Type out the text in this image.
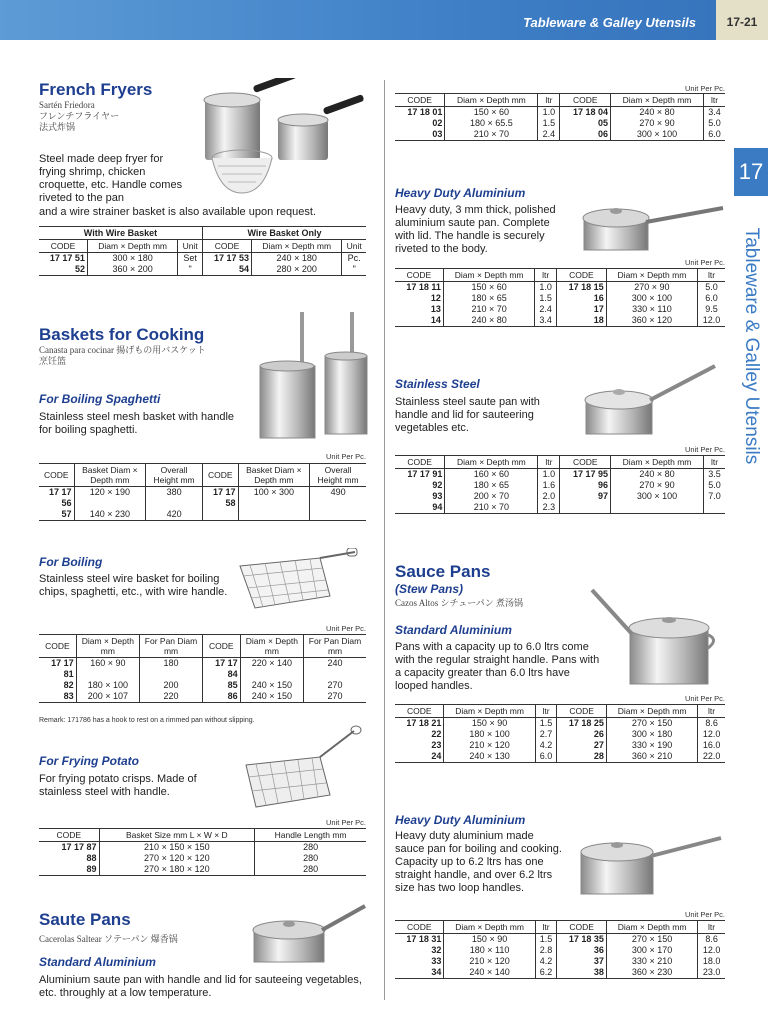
Tableware & Galley Utensils	17-21
17
Tableware & Galley Utensils
French Fryers
Sartén Friedora
フレンチフライヤー
法式炸锅
Steel made deep fryer for frying shrimp, chicken croquette, etc. Handle comes riveted to the pan
and a wire strainer basket is also available upon request.
With Wire Basket			Wire Basket Only		
CODE	Diam × Depth mm	Unit	CODE	Diam × Depth mm	Unit
17 17 51	300 × 180	Set	17 17 53	240 × 180	Pc.
52	360 × 200	"	54	280 × 200	"
Baskets for Cooking
Canasta para cocinar 揚げもの用バスケット
烹饪篮
For Boiling Spaghetti
Stainless steel mesh basket with handle for boiling spaghetti.
Unit Per Pc.
CODE	Basket Diam × Depth mm	Overall Height mm	CODE	Basket Diam × Depth mm	Overall Height mm
17 17 56	120 × 190	380	17 17 58	100 × 300	490
57	140 × 230	420			
For Boiling
Stainless steel wire basket for boiling chips, spaghetti, etc., with wire handle.
Unit Per Pc.
CODE	Diam × Depth mm	For Pan Diam mm	CODE	Diam × Depth mm	For Pan Diam mm
17 17 81	160 × 90	180	17 17 84	220 × 140	240
82	180 × 100	200	85	240 × 150	270
83	200 × 107	220	86	240 × 150	270
Remark: 171786 has a hook to rest on a rimmed pan without slipping.
For Frying Potato
For frying potato crisps. Made of stainless steel with handle.
Unit Per Pc.
CODE	Basket Size mm L × W × D	Handle Length mm
17 17 87	210 × 150 × 150	280
88	270 × 120 × 120	280
89	270 × 180 × 120	280
Saute Pans
Cacerolas Saltear ソテーパン 爆香锅
Standard Aluminium
Aluminium saute pan with handle and lid for sauteeing vegetables, etc. throughly at a low temperature.
Unit Per Pc.
CODE	Diam × Depth mm	ltr	CODE	Diam × Depth mm	ltr
17 18 01	150 × 60	1.0	17 18 04	240 × 80	3.4
02	180 × 65.5	1.5	05	270 × 90	5.0
03	210 × 70	2.4	06	300 × 100	6.0
Heavy Duty Aluminium
Heavy duty, 3 mm thick, polished aluminium saute pan. Complete with lid. The handle is securely riveted to the body.
Unit Per Pc.
CODE	Diam × Depth mm	ltr	CODE	Diam × Depth mm	ltr
17 18 11	150 × 60	1.0	17 18 15	270 × 90	5.0
12	180 × 65	1.5	16	300 × 100	6.0
13	210 × 70	2.4	17	330 × 110	9.5
14	240 × 80	3.4	18	360 × 120	12.0
Stainless Steel
Stainless steel saute pan with handle and lid for sauteering vegetables etc.
Unit Per Pc.
CODE	Diam × Depth mm	ltr	CODE	Diam × Depth mm	ltr
17 17 91	160 × 60	1.0	17 17 95	240 × 80	3.5
92	180 × 65	1.6	96	270 × 90	5.0
93	200 × 70	2.0	97	300 × 100	7.0
94	210 × 70	2.3			
Sauce Pans
(Stew Pans)
Cazos Altos シチューパン 煮汤锅
Standard Aluminium
Pans with a capacity up to 6.0 ltrs come with the regular straight handle. Pans with a capacity greater than 6.0 ltrs have looped handles.
Unit Per Pc.
CODE	Diam × Depth mm	ltr	CODE	Diam × Depth mm	ltr
17 18 21	150 × 90	1.5	17 18 25	270 × 150	8.6
22	180 × 100	2.7	26	300 × 180	12.0
23	210 × 120	4.2	27	330 × 190	16.0
24	240 × 130	6.0	28	360 × 210	22.0
Heavy Duty Aluminium
Heavy duty aluminium made sauce pan for boiling and cooking. Capacity up to 6.2 ltrs has one straight handle, and over 6.2 ltrs size has two loop handles.
Unit Per Pc.
CODE	Diam × Depth mm	ltr	CODE	Diam × Depth mm	ltr
17 18 31	150 × 90	1.5	17 18 35	270 × 150	8.6
32	180 × 110	2.8	36	300 × 170	12.0
33	210 × 120	4.2	37	330 × 210	18.0
34	240 × 140	6.2	38	360 × 230	23.0
